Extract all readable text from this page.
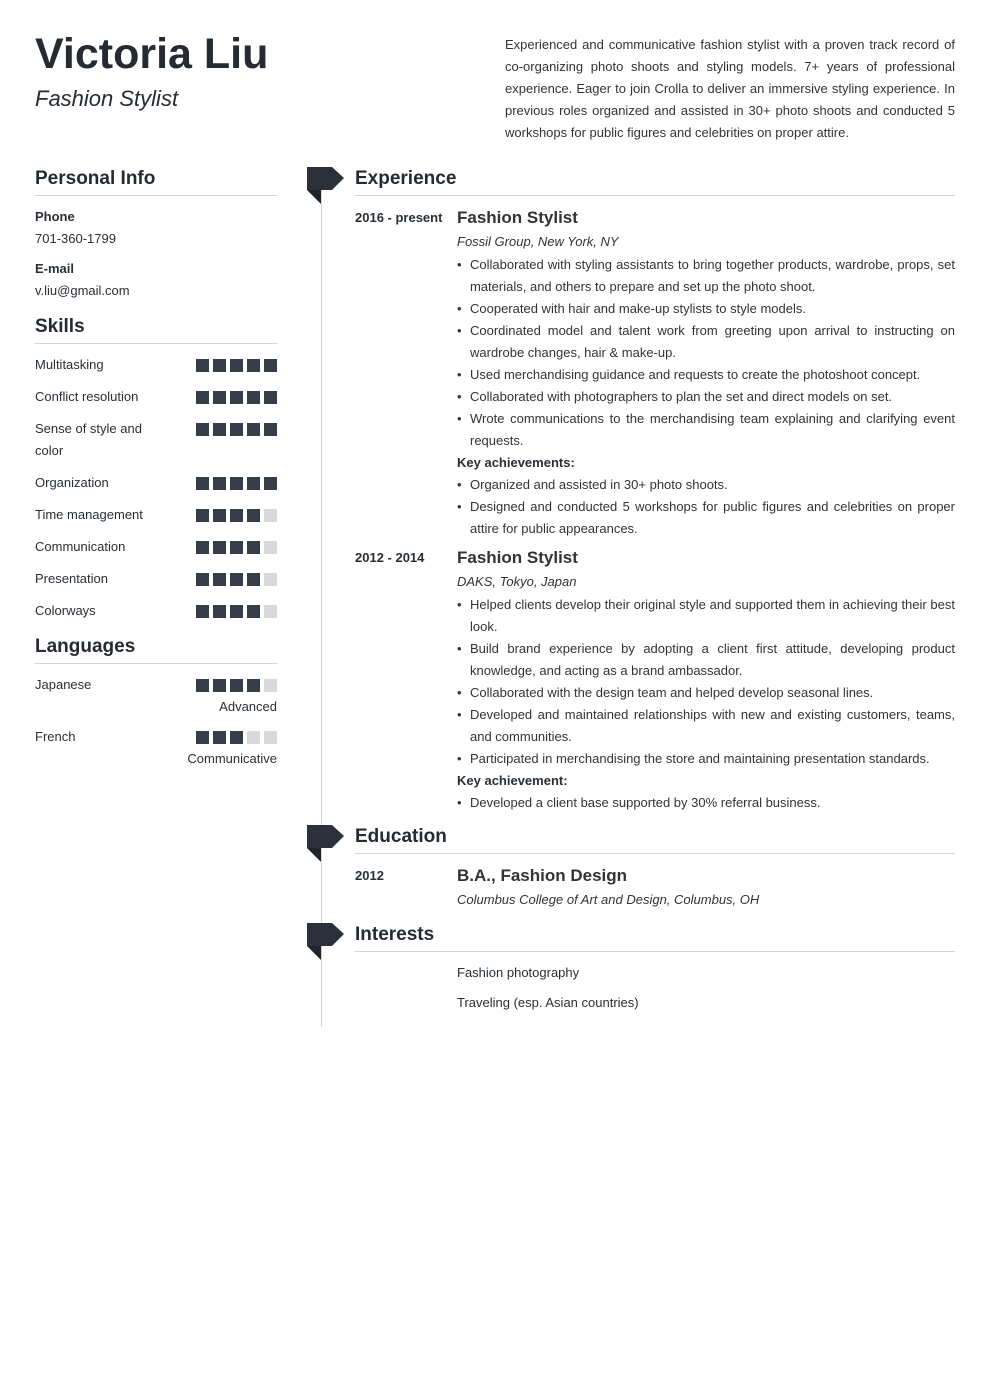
Victoria Liu
Fashion Stylist
Experienced and communicative fashion stylist with a proven track record of co-organizing photo shoots and styling models. 7+ years of professional experience. Eager to join Crolla to deliver an immersive styling experience. In previous roles organized and assisted in 30+ photo shoots and conducted 5 workshops for public figures and celebrities on proper attire.
Personal Info
Phone
701-360-1799
E-mail
v.liu@gmail.com
Skills
Multitasking
Conflict resolution
Sense of style and color
Organization
Time management
Communication
Presentation
Colorways
Languages
Japanese
Advanced
French
Communicative
Experience
2016 - present Fashion Stylist
Fossil Group, New York, NY
• Collaborated with styling assistants to bring together products, wardrobe, props, set materials, and others to prepare and set up the photo shoot.
• Cooperated with hair and make-up stylists to style models.
• Coordinated model and talent work from greeting upon arrival to instructing on wardrobe changes, hair & make-up.
• Used merchandising guidance and requests to create the photoshoot concept.
• Collaborated with photographers to plan the set and direct models on set.
• Wrote communications to the merchandising team explaining and clarifying event requests.
Key achievements:
• Organized and assisted in 30+ photo shoots.
• Designed and conducted 5 workshops for public figures and celebrities on proper attire for public appearances.
2012 - 2014	Fashion Stylist
DAKS, Tokyo, Japan
• Helped clients develop their original style and supported them in achieving their best look.
• Build brand experience by adopting a client first attitude, developing product knowledge, and acting as a brand ambassador.
• Collaborated with the design team and helped develop seasonal lines.
• Developed and maintained relationships with new and existing customers, teams, and communities.
• Participated in merchandising the store and maintaining presentation standards.
Key achievement:
• Developed a client base supported by 30% referral business.
Education
2012	B.A., Fashion Design
Columbus College of Art and Design, Columbus, OH
Interests
Fashion photography
Traveling (esp. Asian countries)
